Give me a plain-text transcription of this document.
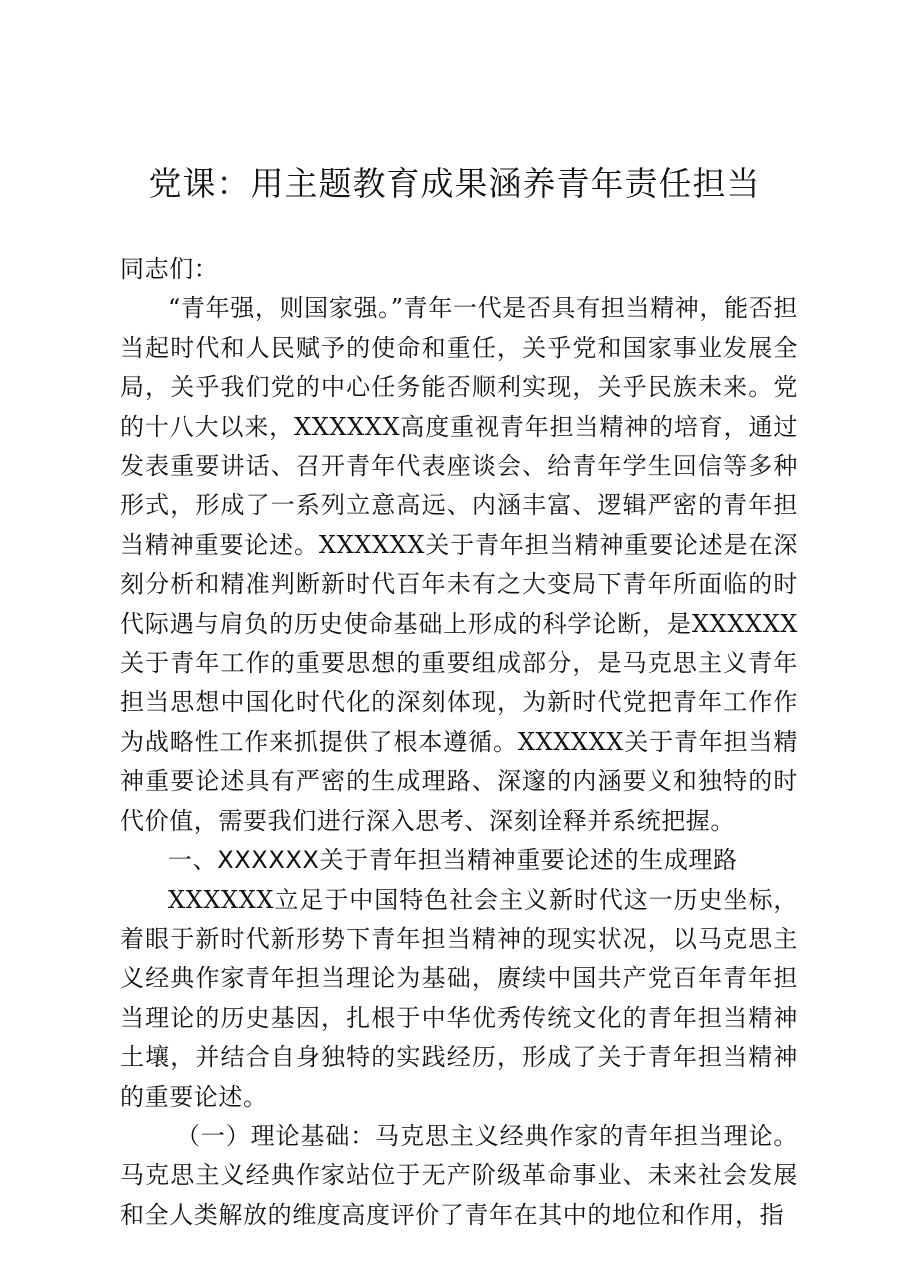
党课：用主题教育成果涵养青年责任担当

同志们：

“青年强，则国家强。”青年一代是否具有担当精神，能否担当起时代和人民赋予的使命和重任，关乎党和国家事业发展全局，关乎我们党的中心任务能否顺利实现，关乎民族未来。党的十八大以来，XXXXXX高度重视青年担当精神的培育，通过发表重要讲话、召开青年代表座谈会、给青年学生回信等多种形式，形成了一系列立意高远、内涵丰富、逻辑严密的青年担当精神重要论述。XXXXXX关于青年担当精神重要论述是在深刻分析和精准判断新时代百年未有之大变局下青年所面临的时代际遇与肩负的历史使命基础上形成的科学论断，是XXXXXX关于青年工作的重要思想的重要组成部分，是马克思主义青年担当思想中国化时代化的深刻体现，为新时代党把青年工作作为战略性工作来抓提供了根本遵循。XXXXXX关于青年担当精神重要论述具有严密的生成理路、深邃的内涵要义和独特的时代价值，需要我们进行深入思考、深刻诠释并系统把握。

一、XXXXXX关于青年担当精神重要论述的生成理路

XXXXXX立足于中国特色社会主义新时代这一历史坐标，着眼于新时代新形势下青年担当精神的现实状况，以马克思主义经典作家青年担当理论为基础，赓续中国共产党百年青年担当理论的历史基因，扎根于中华优秀传统文化的青年担当精神土壤，并结合自身独特的实践经历，形成了关于青年担当精神的重要论述。

（一）理论基础：马克思主义经典作家的青年担当理论。马克思主义经典作家站位于无产阶级革命事业、未来社会发展和全人类解放的维度高度评价了青年在其中的地位和作用，指
